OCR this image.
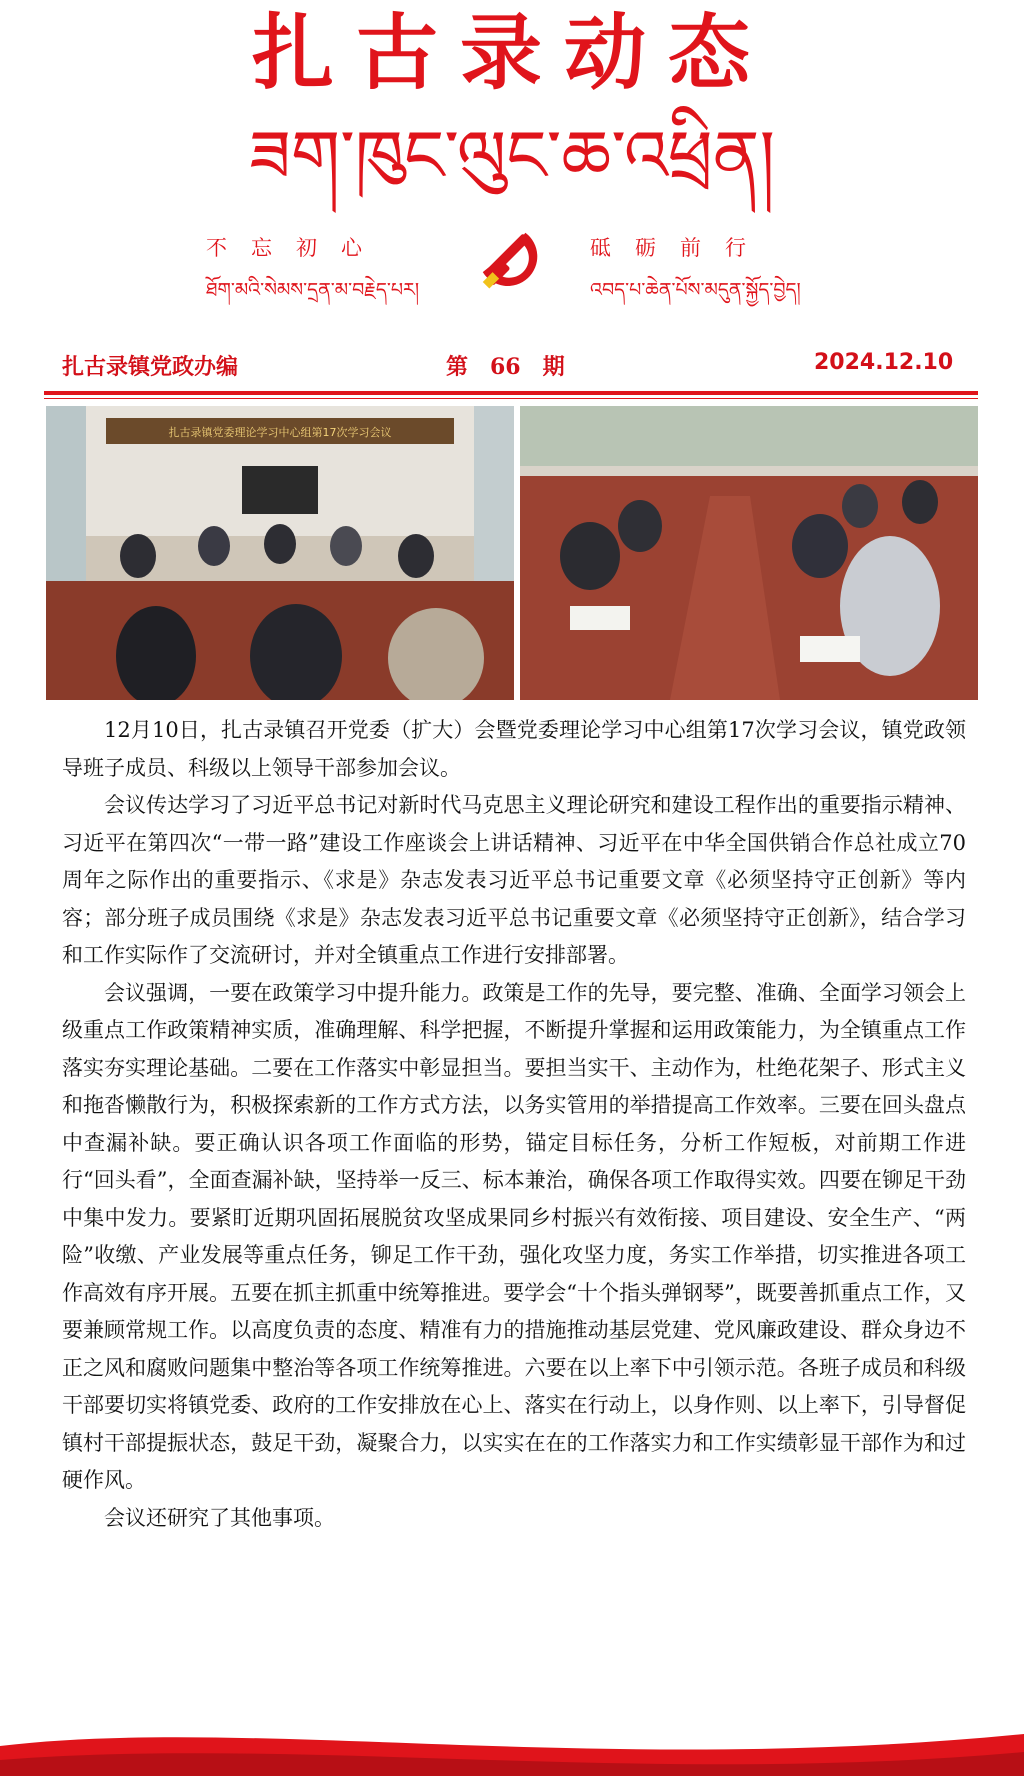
扎古录动态
ཟག་ཁུང་ལུང་ཆ་འཕྲིན།
不忘初心	砥砺前行
ཐོག་མའི་སེམས་དྲན་མ་བརྗེད་པར།	འབད་པ་ཆེན་པོས་མདུན་སྐྱོད་བྱེད།
扎古录镇党政办编	第　66　期	2024.12.10
扎古录镇党委理论学习中心组第17次学习会议

12月10日，扎古录镇召开党委（扩大）会暨党委理论学习中心组第17次学习会议，镇党政领导班子成员、科级以上领导干部参加会议。

会议传达学习了习近平总书记对新时代马克思主义理论研究和建设工程作出的重要指示精神、习近平在第四次“一带一路”建设工作座谈会上讲话精神、习近平在中华全国供销合作总社成立70周年之际作出的重要指示、《求是》杂志发表习近平总书记重要文章《必须坚持守正创新》等内容；部分班子成员围绕《求是》杂志发表习近平总书记重要文章《必须坚持守正创新》，结合学习和工作实际作了交流研讨，并对全镇重点工作进行安排部署。

会议强调，一要在政策学习中提升能力。政策是工作的先导，要完整、准确、全面学习领会上级重点工作政策精神实质，准确理解、科学把握，不断提升掌握和运用政策能力，为全镇重点工作落实夯实理论基础。二要在工作落实中彰显担当。要担当实干、主动作为，杜绝花架子、形式主义和拖沓懒散行为，积极探索新的工作方式方法，以务实管用的举措提高工作效率。三要在回头盘点中查漏补缺。要正确认识各项工作面临的形势，锚定目标任务，分析工作短板，对前期工作进行“回头看”，全面查漏补缺，坚持举一反三、标本兼治，确保各项工作取得实效。四要在铆足干劲中集中发力。要紧盯近期巩固拓展脱贫攻坚成果同乡村振兴有效衔接、项目建设、安全生产、“两险”收缴、产业发展等重点任务，铆足工作干劲，强化攻坚力度，务实工作举措，切实推进各项工作高效有序开展。五要在抓主抓重中统筹推进。要学会“十个指头弹钢琴”，既要善抓重点工作，又要兼顾常规工作。以高度负责的态度、精准有力的措施推动基层党建、党风廉政建设、群众身边不正之风和腐败问题集中整治等各项工作统筹推进。六要在以上率下中引领示范。各班子成员和科级干部要切实将镇党委、政府的工作安排放在心上、落实在行动上，以身作则、以上率下，引导督促镇村干部提振状态，鼓足干劲，凝聚合力，以实实在在的工作落实力和工作实绩彰显干部作为和过硬作风。

会议还研究了其他事项。
